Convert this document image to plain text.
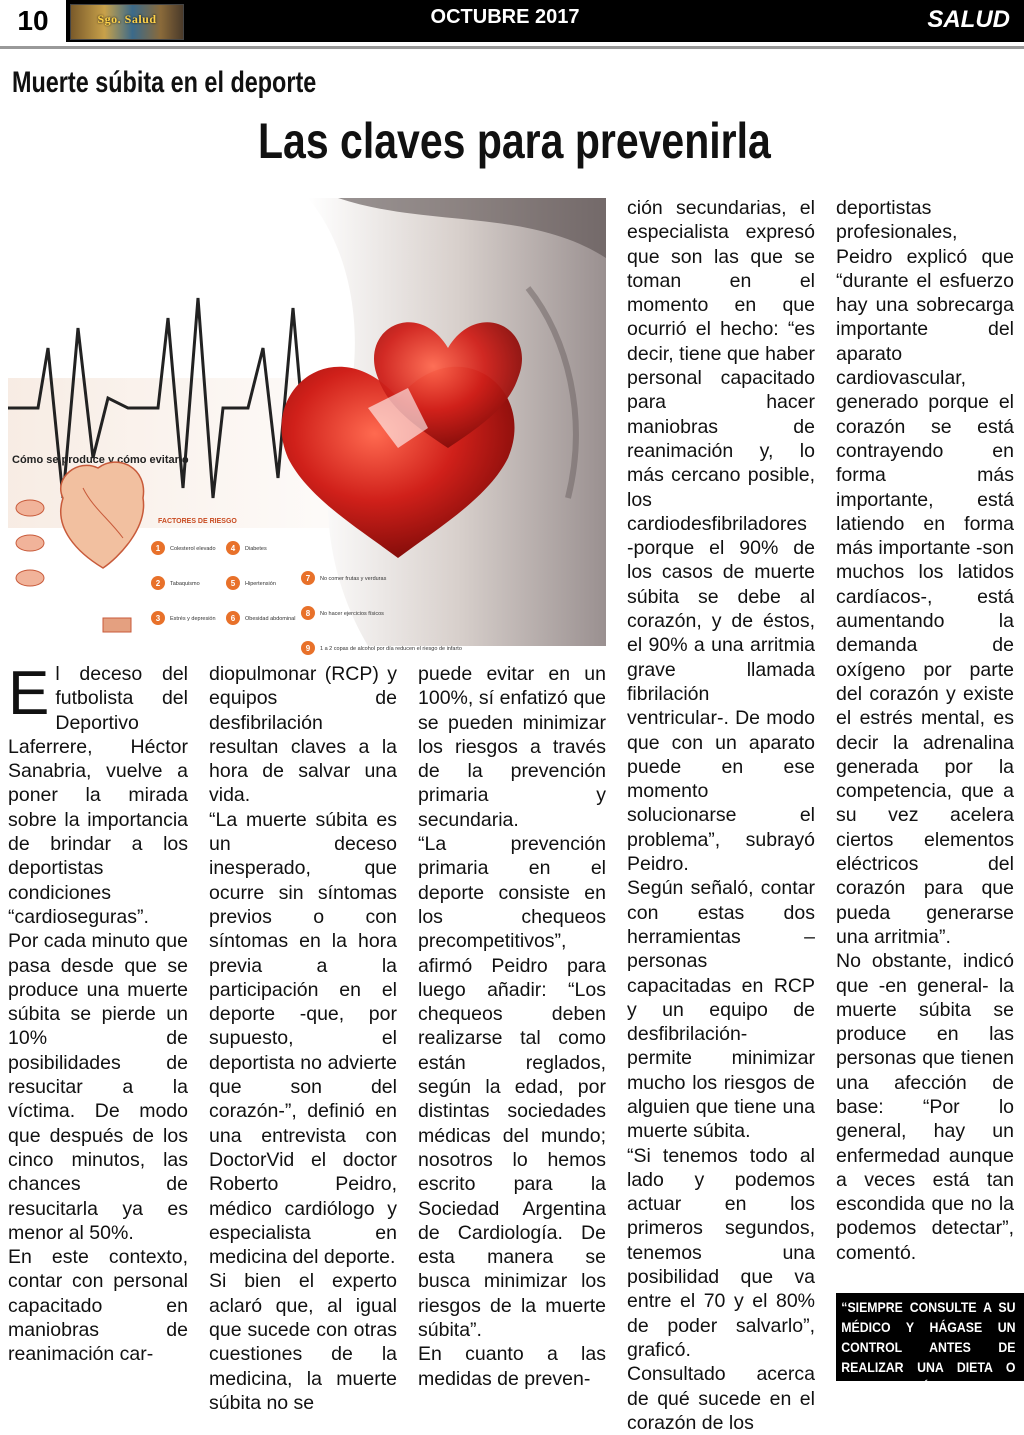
10	Sgo. Salud	OCTUBRE 2017	SALUD
Muerte súbita en el deporte
Las claves para prevenirla
Cómo se produce y cómo evitarlo
FACTORES DE RIESGO
1 Colesterol elevado
2 Tabaquismo
3 Estrés y depresión
4 Diabetes
5 Hipertensión
6 Obesidad abdominal
7 No comer frutas y verduras
8 No hacer ejercicios físicos
9 1 a 2 copas de alcohol por día reducen el riesgo de infarto

El deceso del futbolista del Deportivo Laferrere, Héctor Sanabria, vuelve a poner la mirada sobre la importancia de brindar a los deportistas condiciones “cardioseguras”.

Por cada minuto que pasa desde que se produce una muerte súbita se pierde un 10% de posibilidades de resucitar a la víctima. De modo que después de los cinco minutos, las chances de resucitarla ya es menor al 50%.

En este contexto, contar con personal capacitado en maniobras de reanimación car-

diopulmonar (RCP) y equipos de desfibrilación resultan claves a la hora de salvar una vida.

“La muerte súbita es un deceso inesperado, que ocurre sin síntomas previos o con síntomas en la hora previa a la participación en el deporte -que, por supuesto, el deportista no advierte que son del corazón-”, definió en una entrevista con DoctorVid el doctor Roberto Peidro, médico cardiólogo y especialista en medicina del deporte.

Si bien el experto aclaró que, al igual que sucede con otras cuestiones de la medicina, la muerte súbita no se

puede evitar en un 100%, sí enfatizó que se pueden minimizar los riesgos a través de la prevención primaria y secundaria.

“La prevención primaria en el deporte consiste en los chequeos precompetitivos”, afirmó Peidro para luego añadir: “Los chequeos deben realizarse tal como están reglados, según la edad, por distintas sociedades médicas del mundo; nosotros lo hemos escrito para la Sociedad Argentina de Cardiología. De esta manera se busca minimizar los riesgos de la muerte súbita”.

En cuanto a las medidas de preven-

ción secundarias, el especialista expresó que son las que se toman en el momento en que ocurrió el hecho: “es decir, tiene que haber personal capacitado para hacer maniobras de reanimación y, lo más cercano posible, los cardiodesfibriladores -porque el 90% de los casos de muerte súbita se debe al corazón, y de éstos, el 90% a una arritmia grave llamada fibrilación ventricular-. De modo que con un aparato puede en ese momento solucionarse el problema”, subrayó Peidro.

Según señaló, contar con estas dos herramientas –personas capacitadas en RCP y un equipo de desfibrilación- permite minimizar mucho los riesgos de alguien que tiene una muerte súbita.

“Si tenemos todo al lado y podemos actuar en los primeros segundos, tenemos una posibilidad que va entre el 70 y el 80% de poder salvarlo”, graficó.

Consultado acerca de qué sucede en el corazón de los

deportistas profesionales, Peidro explicó que “durante el esfuerzo hay una sobrecarga importante del aparato cardiovascular, generado porque el corazón se está contrayendo en forma más importante, está latiendo en forma más importante -son muchos los latidos cardíacos-, está aumentando la demanda de oxígeno por parte del corazón y existe el estrés mental, es decir la adrenalina generada por la competencia, que a su vez acelera ciertos elementos eléctricos del corazón para que pueda generarse una arritmia”.

No obstante, indicó que -en general- la muerte súbita se produce en las personas que tienen una afección de base: “Por lo general, hay un enfermedad aunque a veces está tan escondida que no la podemos detectar”, comentó.

“SIEMPRE CONSULTE A SU MÉDICO Y HÁGASE UN CONTROL ANTES DE REALIZAR UNA DIETA O ACTIVADAD FÍSICA”
